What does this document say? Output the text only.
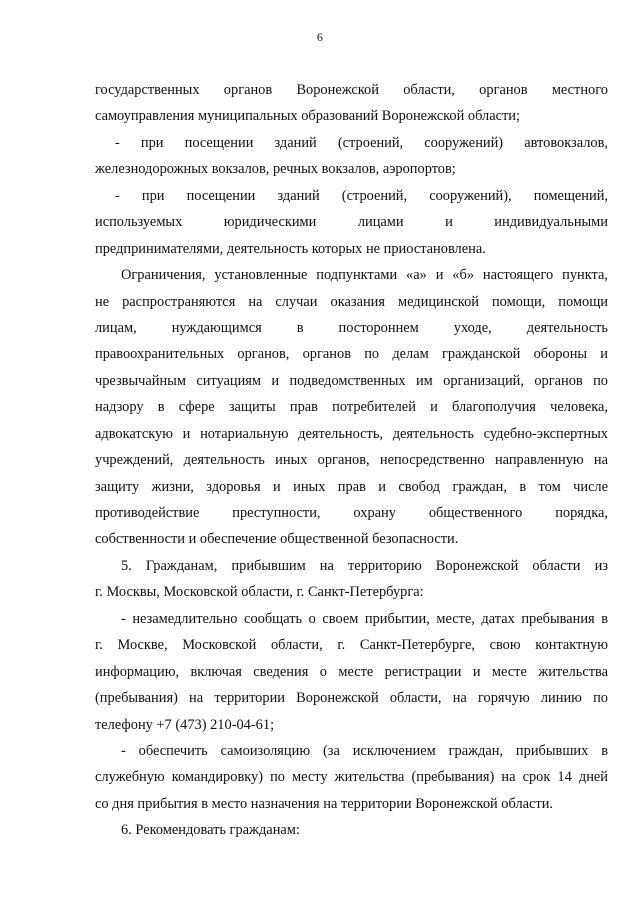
6
государственных органов Воронежской области, органов местного
самоуправления муниципальных образований Воронежской области;
- при посещении зданий (строений, сооружений) автовокзалов,
железнодорожных вокзалов, речных вокзалов, аэропортов;
- при посещении зданий (строений, сооружений), помещений,
используемых юридическими лицами и индивидуальными
предпринимателями, деятельность которых не приостановлена.
Ограничения, установленные подпунктами «а» и «б» настоящего пункта,
не распространяются на случаи оказания медицинской помощи, помощи
лицам, нуждающимся в постороннем уходе, деятельность
правоохранительных органов, органов по делам гражданской обороны и
чрезвычайным ситуациям и подведомственных им организаций, органов по
надзору в сфере защиты прав потребителей и благополучия человека,
адвокатскую и нотариальную деятельность, деятельность судебно-экспертных
учреждений, деятельность иных органов, непосредственно направленную на
защиту жизни, здоровья и иных прав и свобод граждан, в том числе
противодействие преступности, охрану общественного порядка,
собственности и обеспечение общественной безопасности.
5. Гражданам, прибывшим на территорию Воронежской области из
г. Москвы, Московской области, г. Санкт-Петербурга:
- незамедлительно сообщать о своем прибытии, месте, датах пребывания в
г. Москве, Московской области, г. Санкт-Петербурге, свою контактную
информацию, включая сведения о месте регистрации и месте жительства
(пребывания) на территории Воронежской области, на горячую линию по
телефону +7 (473) 210-04-61;
- обеспечить самоизоляцию (за исключением граждан, прибывших в
служебную командировку) по месту жительства (пребывания) на срок 14 дней
со дня прибытия в место назначения на территории Воронежской области.
6. Рекомендовать гражданам:
